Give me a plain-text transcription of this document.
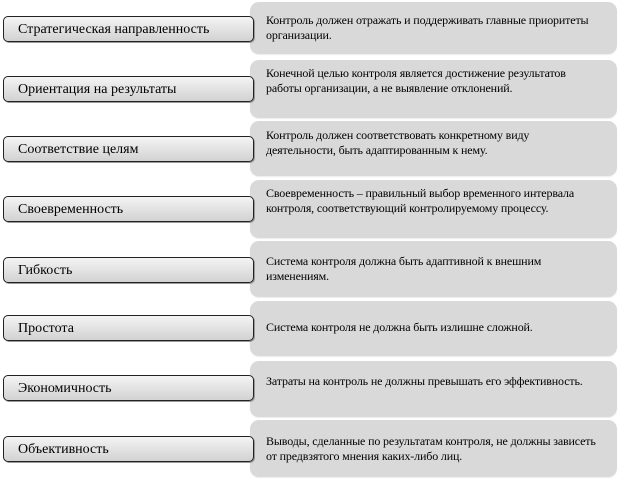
Контроль должен отражать и поддерживать главные приоритеты организации.
Стратегическая направленность
Конечной целью контроля является достижение результатов работы организации, а не выявление отклонений.
Ориентация на результаты
Контроль должен соответствовать конкретному виду деятельности, быть адаптированным к нему.
Соответствие целям
Своевременность – правильный выбор временного интервала контроля, соответствующий контролируемому процессу.
Своевременность
Система контроля должна быть адаптивной к внешним изменениям.
Гибкость
Система контроля не должна быть излишне сложной.
Простота
Затраты на контроль не должны превышать его эффективность.
Экономичность
Выводы, сделанные по результатам контроля, не должны зависеть от предвзятого мнения каких-либо лиц.
Объективность
